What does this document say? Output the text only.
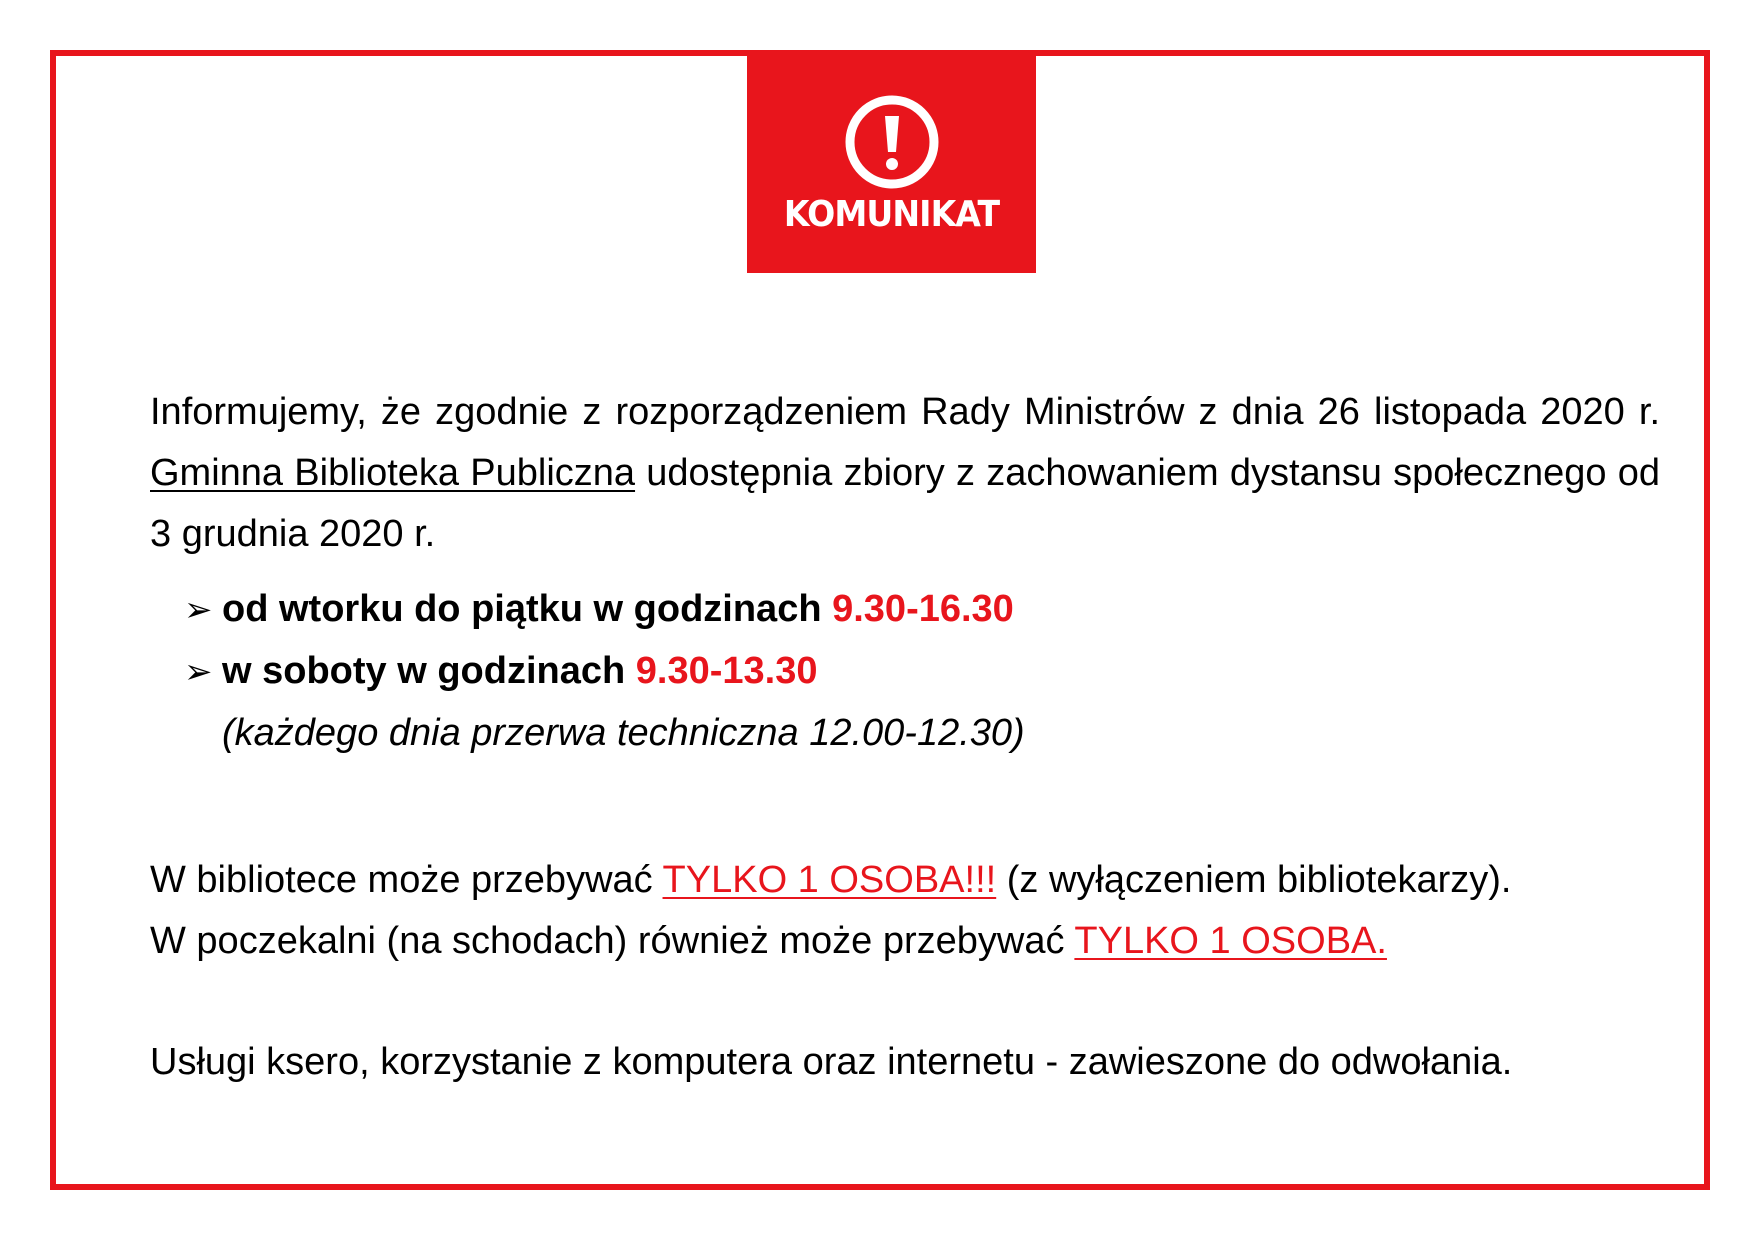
KOMUNIKAT

Informujemy, że zgodnie z rozporządzeniem Rady Ministrów z dnia 26 listopada 2020 r. Gminna Biblioteka Publiczna udostępnia zbiory z zachowaniem dystansu społecznego od 3 grudnia 2020 r.

➢ od wtorku do piątku w godzinach
9.30-16.30
➢ w soboty w godzinach
9.30-13.30

(każdego dnia przerwa techniczna 12.00-12.30)

W bibliotece może przebywać TYLKO 1 OSOBA!!! (z wyłączeniem bibliotekarzy).

W poczekalni (na schodach) również może przebywać TYLKO 1 OSOBA.

Usługi ksero, korzystanie z komputera oraz internetu - zawieszone do odwołania.
